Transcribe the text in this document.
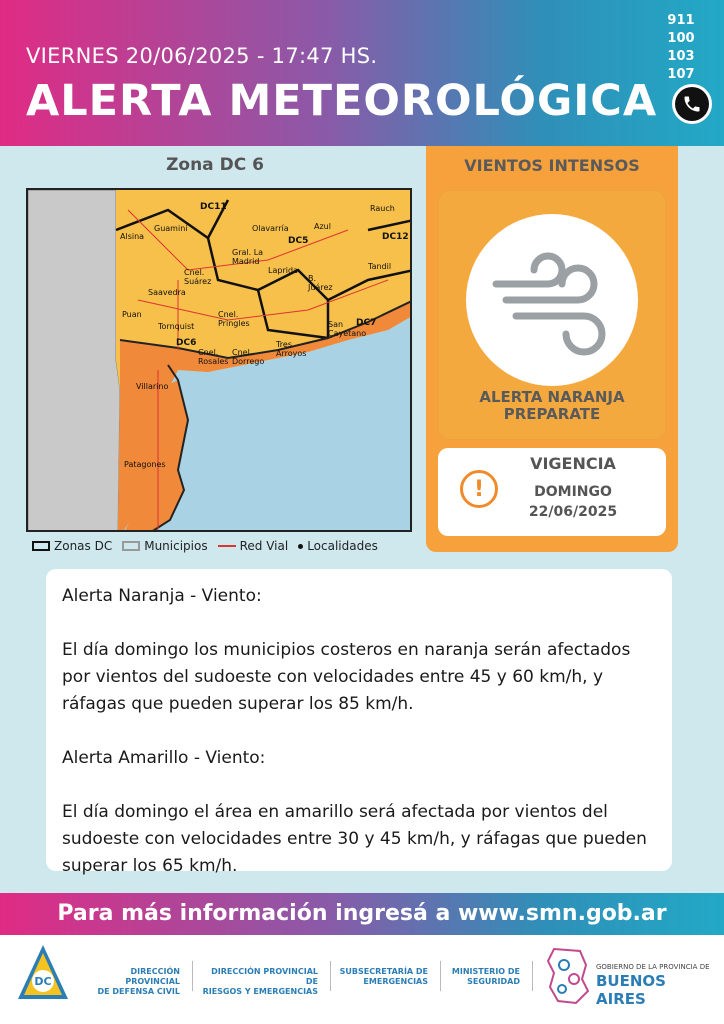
VIERNES 20/06/2025 - 17:47 HS.
ALERTA METEOROLÓGICA
911
100
103
107
Zona DC 6
DC11
DC5	DC12
DC6
DC7
Guaminí
Alsina
Olavarría	Azul
Rauch
Tandil
Gral. La Madrid
Laprida
B. Juárez
Cnel. Suárez
Saavedra
Puan
Tornquist
Cnel. Pringles	San Cayetano
Tres Arroyos
Cnel. Rosales
Cnel. Dorrego
Villarino
Patagones
Zonas DC	Municipios	Red Vial Localidades
VIENTOS INTENSOS
ALERTA NARANJA
PREPARATE
!
VIGENCIA
DOMINGO
22/06/2025

Alerta Naranja - Viento:

El día domingo los municipios costeros en naranja serán afectados por vientos del sudoeste con velocidades entre 45 y 60 km/h, y ráfagas que pueden superar los 85 km/h.

Alerta Amarillo - Viento:

El día domingo el área en amarillo será afectada por vientos del sudoeste con velocidades entre 30 y 45 km/h, y ráfagas que pueden superar los 65 km/h.

Para más información ingresá a www.smn.gob.ar
DC
DIRECCIÓN PROVINCIAL
DE DEFENSA CIVIL
DIRECCIÓN PROVINCIAL DE
RIESGOS Y EMERGENCIAS
SUBSECRETARÍA DE
EMERGENCIAS
MINISTERIO DE
SEGURIDAD
GOBIERNO DE LA PROVINCIA DE
BUENOS AIRES
